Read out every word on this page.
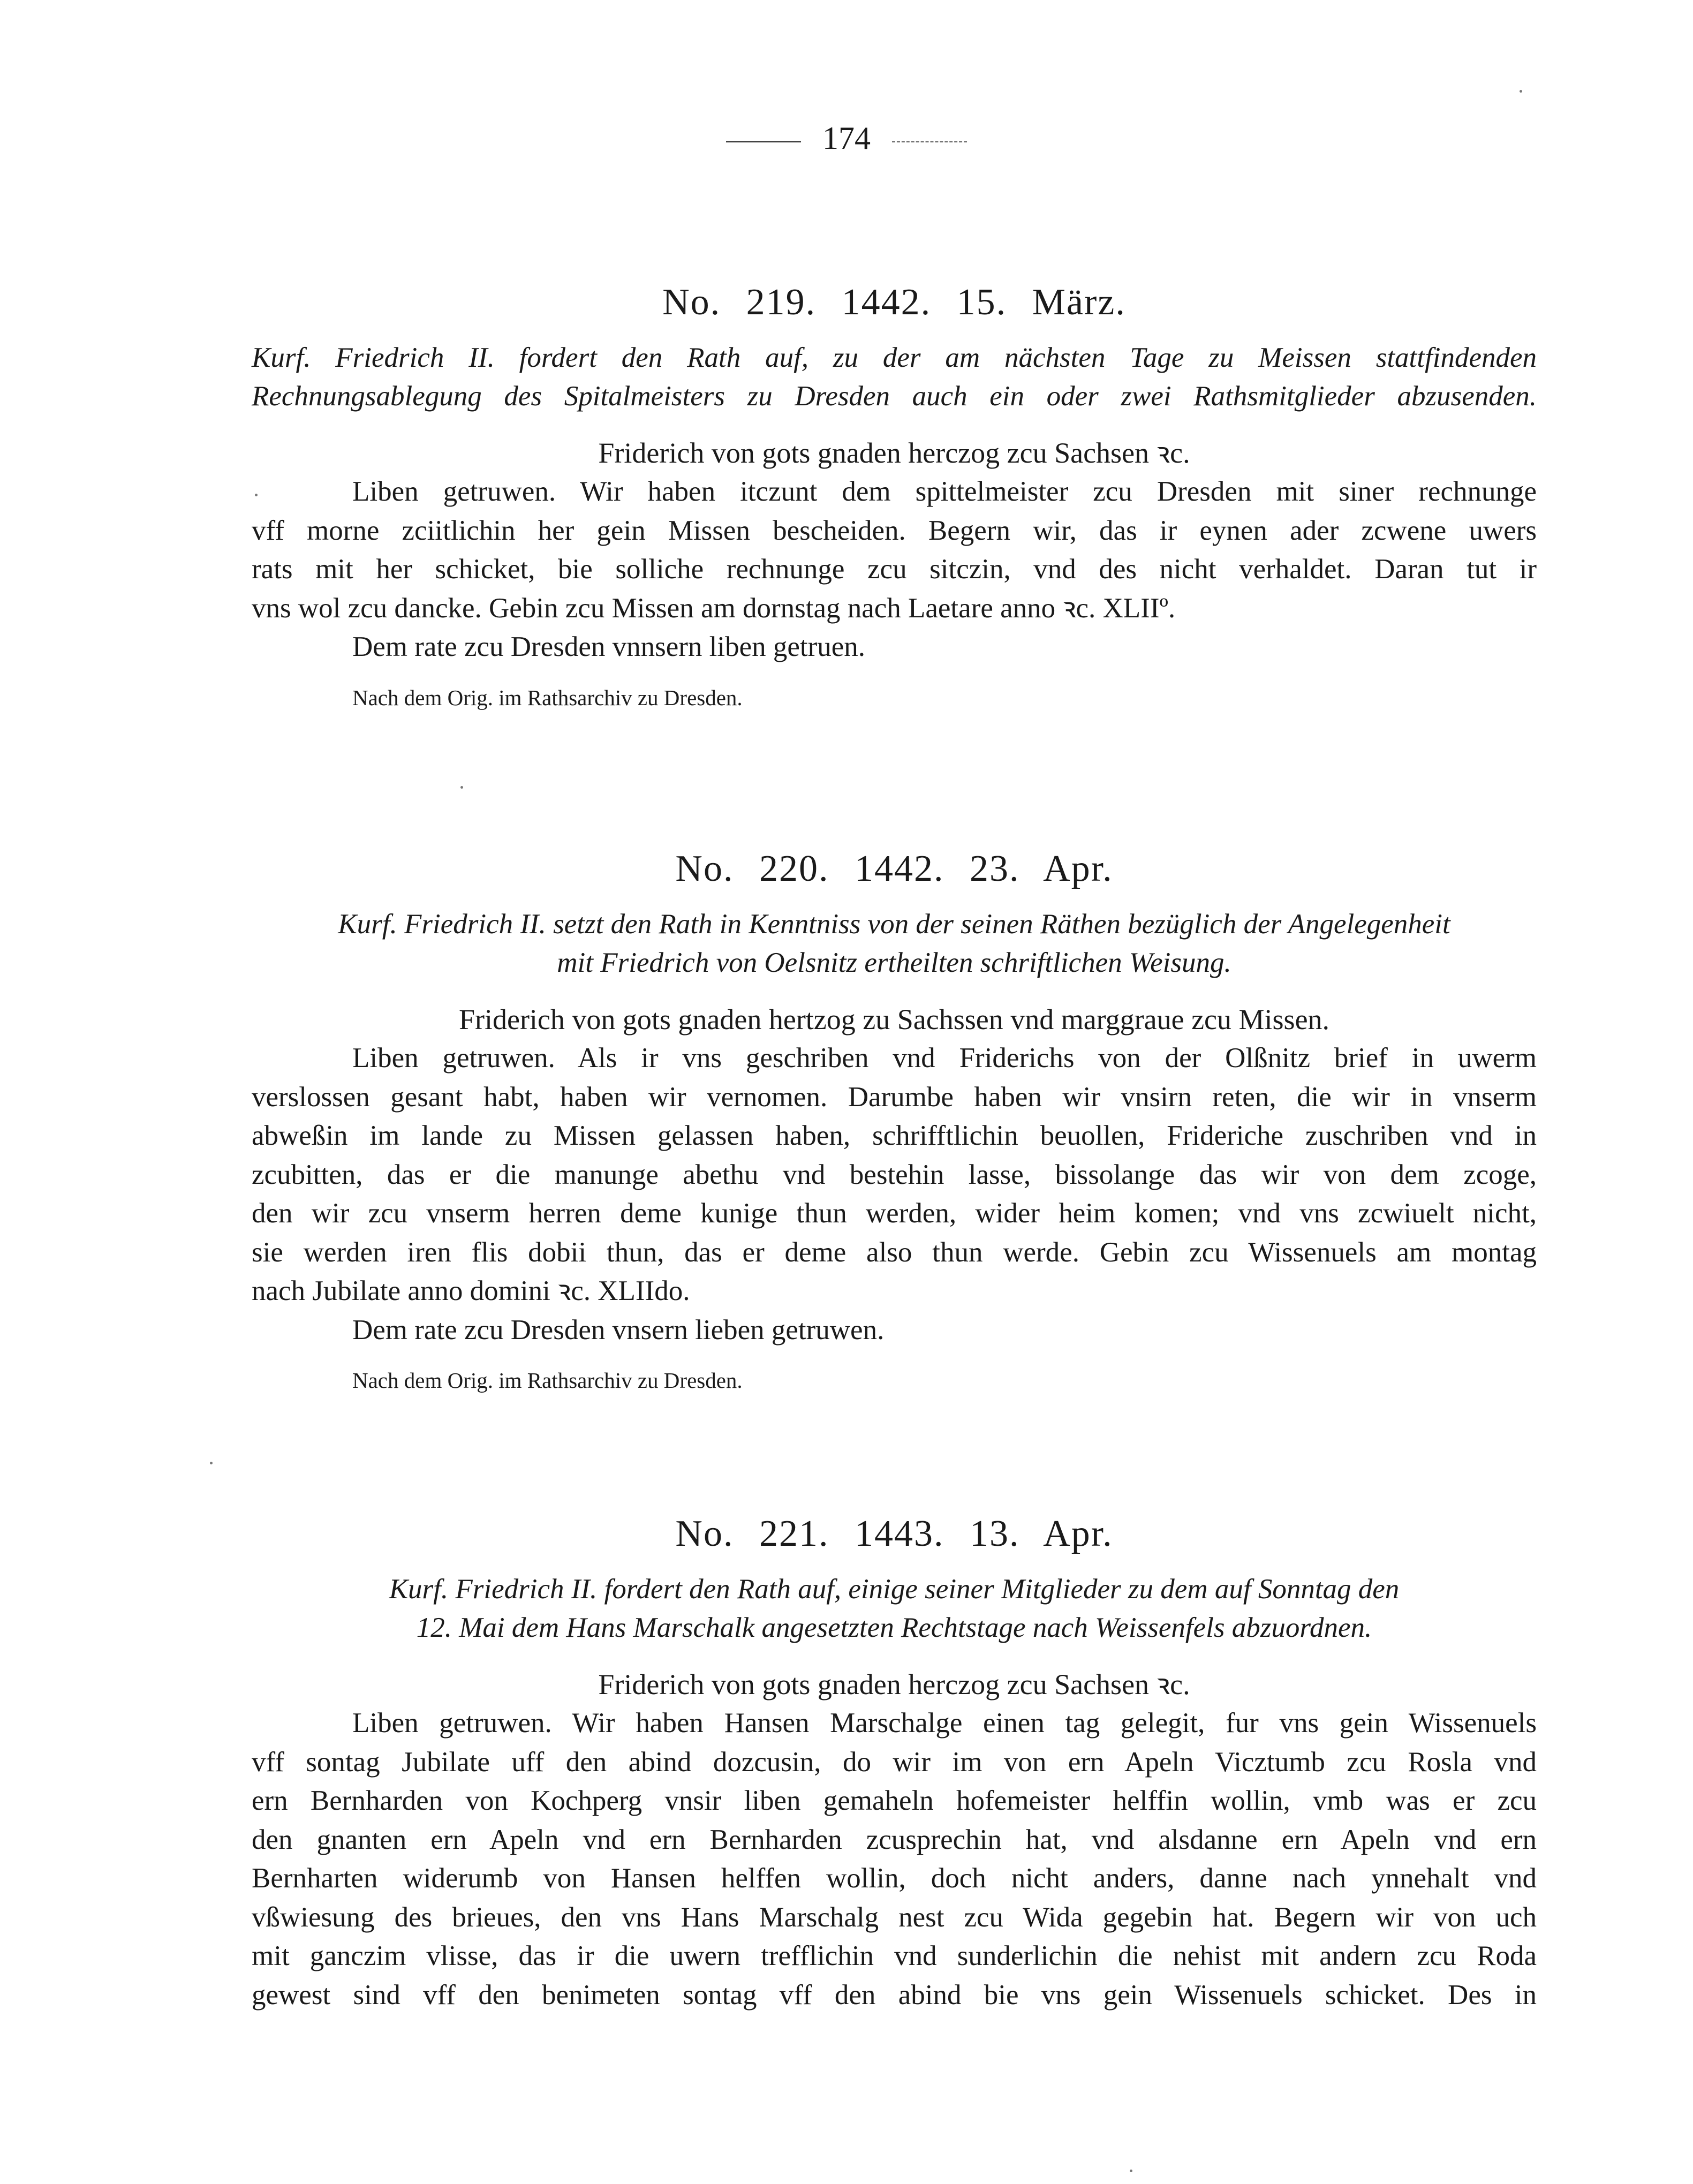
174
No. 219. 1442. 15. März.

Kurf. Friedrich II. fordert den Rath auf, zu der am nächsten Tage zu Meissen stattfindenden
Rechnungsablegung des Spitalmeisters zu Dresden auch ein oder zwei Rathsmitglieder abzusenden.

Friderich von gots gnaden herczog zcu Sachsen ꝛc.

Liben getruwen. Wir haben itczunt dem spittelmeister zcu Dresden mit siner rechnunge
vff morne zciitlichin her gein Missen bescheiden. Begern wir, das ir eynen ader zcwene uwers
rats mit her schicket, bie solliche rechnunge zcu sitczin, vnd des nicht verhaldet. Daran tut ir
vns wol zcu dancke. Gebin zcu Missen am dornstag nach Laetare anno ꝛc. XLIIº.

Dem rate zcu Dresden vnnsern liben getruen.

Nach dem Orig. im Rathsarchiv zu Dresden.

No. 220. 1442. 23. Apr.

Kurf. Friedrich II. setzt den Rath in Kenntniss von der seinen Räthen bezüglich der Angelegenheit
mit Friedrich von Oelsnitz ertheilten schriftlichen Weisung.

Friderich von gots gnaden hertzog zu Sachssen vnd marggraue zcu Missen.

Liben getruwen. Als ir vns geschriben vnd Friderichs von der Olßnitz brief in uwerm
verslossen gesant habt, haben wir vernomen. Darumbe haben wir vnsirn reten, die wir in vnserm
abweßin im lande zu Missen gelassen haben, schrifftlichin beuollen, Frideriche zuschriben vnd in
zcubitten, das er die manunge abethu vnd bestehin lasse, bissolange das wir von dem zcoge,
den wir zcu vnserm herren deme kunige thun werden, wider heim komen; vnd vns zcwiuelt nicht,
sie werden iren flis dobii thun, das er deme also thun werde. Gebin zcu Wissenuels am montag
nach Jubilate anno domini ꝛc. XLIIdo.

Dem rate zcu Dresden vnsern lieben getruwen.

Nach dem Orig. im Rathsarchiv zu Dresden.

No. 221. 1443. 13. Apr.

Kurf. Friedrich II. fordert den Rath auf, einige seiner Mitglieder zu dem auf Sonntag den
12. Mai dem Hans Marschalk angesetzten Rechtstage nach Weissenfels abzuordnen.

Friderich von gots gnaden herczog zcu Sachsen ꝛc.

Liben getruwen. Wir haben Hansen Marschalge einen tag gelegit, fur vns gein Wissenuels
vff sontag Jubilate uff den abind dozcusin, do wir im von ern Apeln Vicztumb zcu Rosla vnd
ern Bernharden von Kochperg vnsir liben gemaheln hofemeister helffin wollin, vmb was er zcu
den gnanten ern Apeln vnd ern Bernharden zcusprechin hat, vnd alsdanne ern Apeln vnd ern
Bernharten widerumb von Hansen helffen wollin, doch nicht anders, danne nach ynnehalt vnd
vßwiesung des brieues, den vns Hans Marschalg nest zcu Wida gegebin hat. Begern wir von uch
mit ganczim vlisse, das ir die uwern trefflichin vnd sunderlichin die nehist mit andern zcu Roda
gewest sind vff den benimeten sontag vff den abind bie vns gein Wissenuels schicket. Des in
